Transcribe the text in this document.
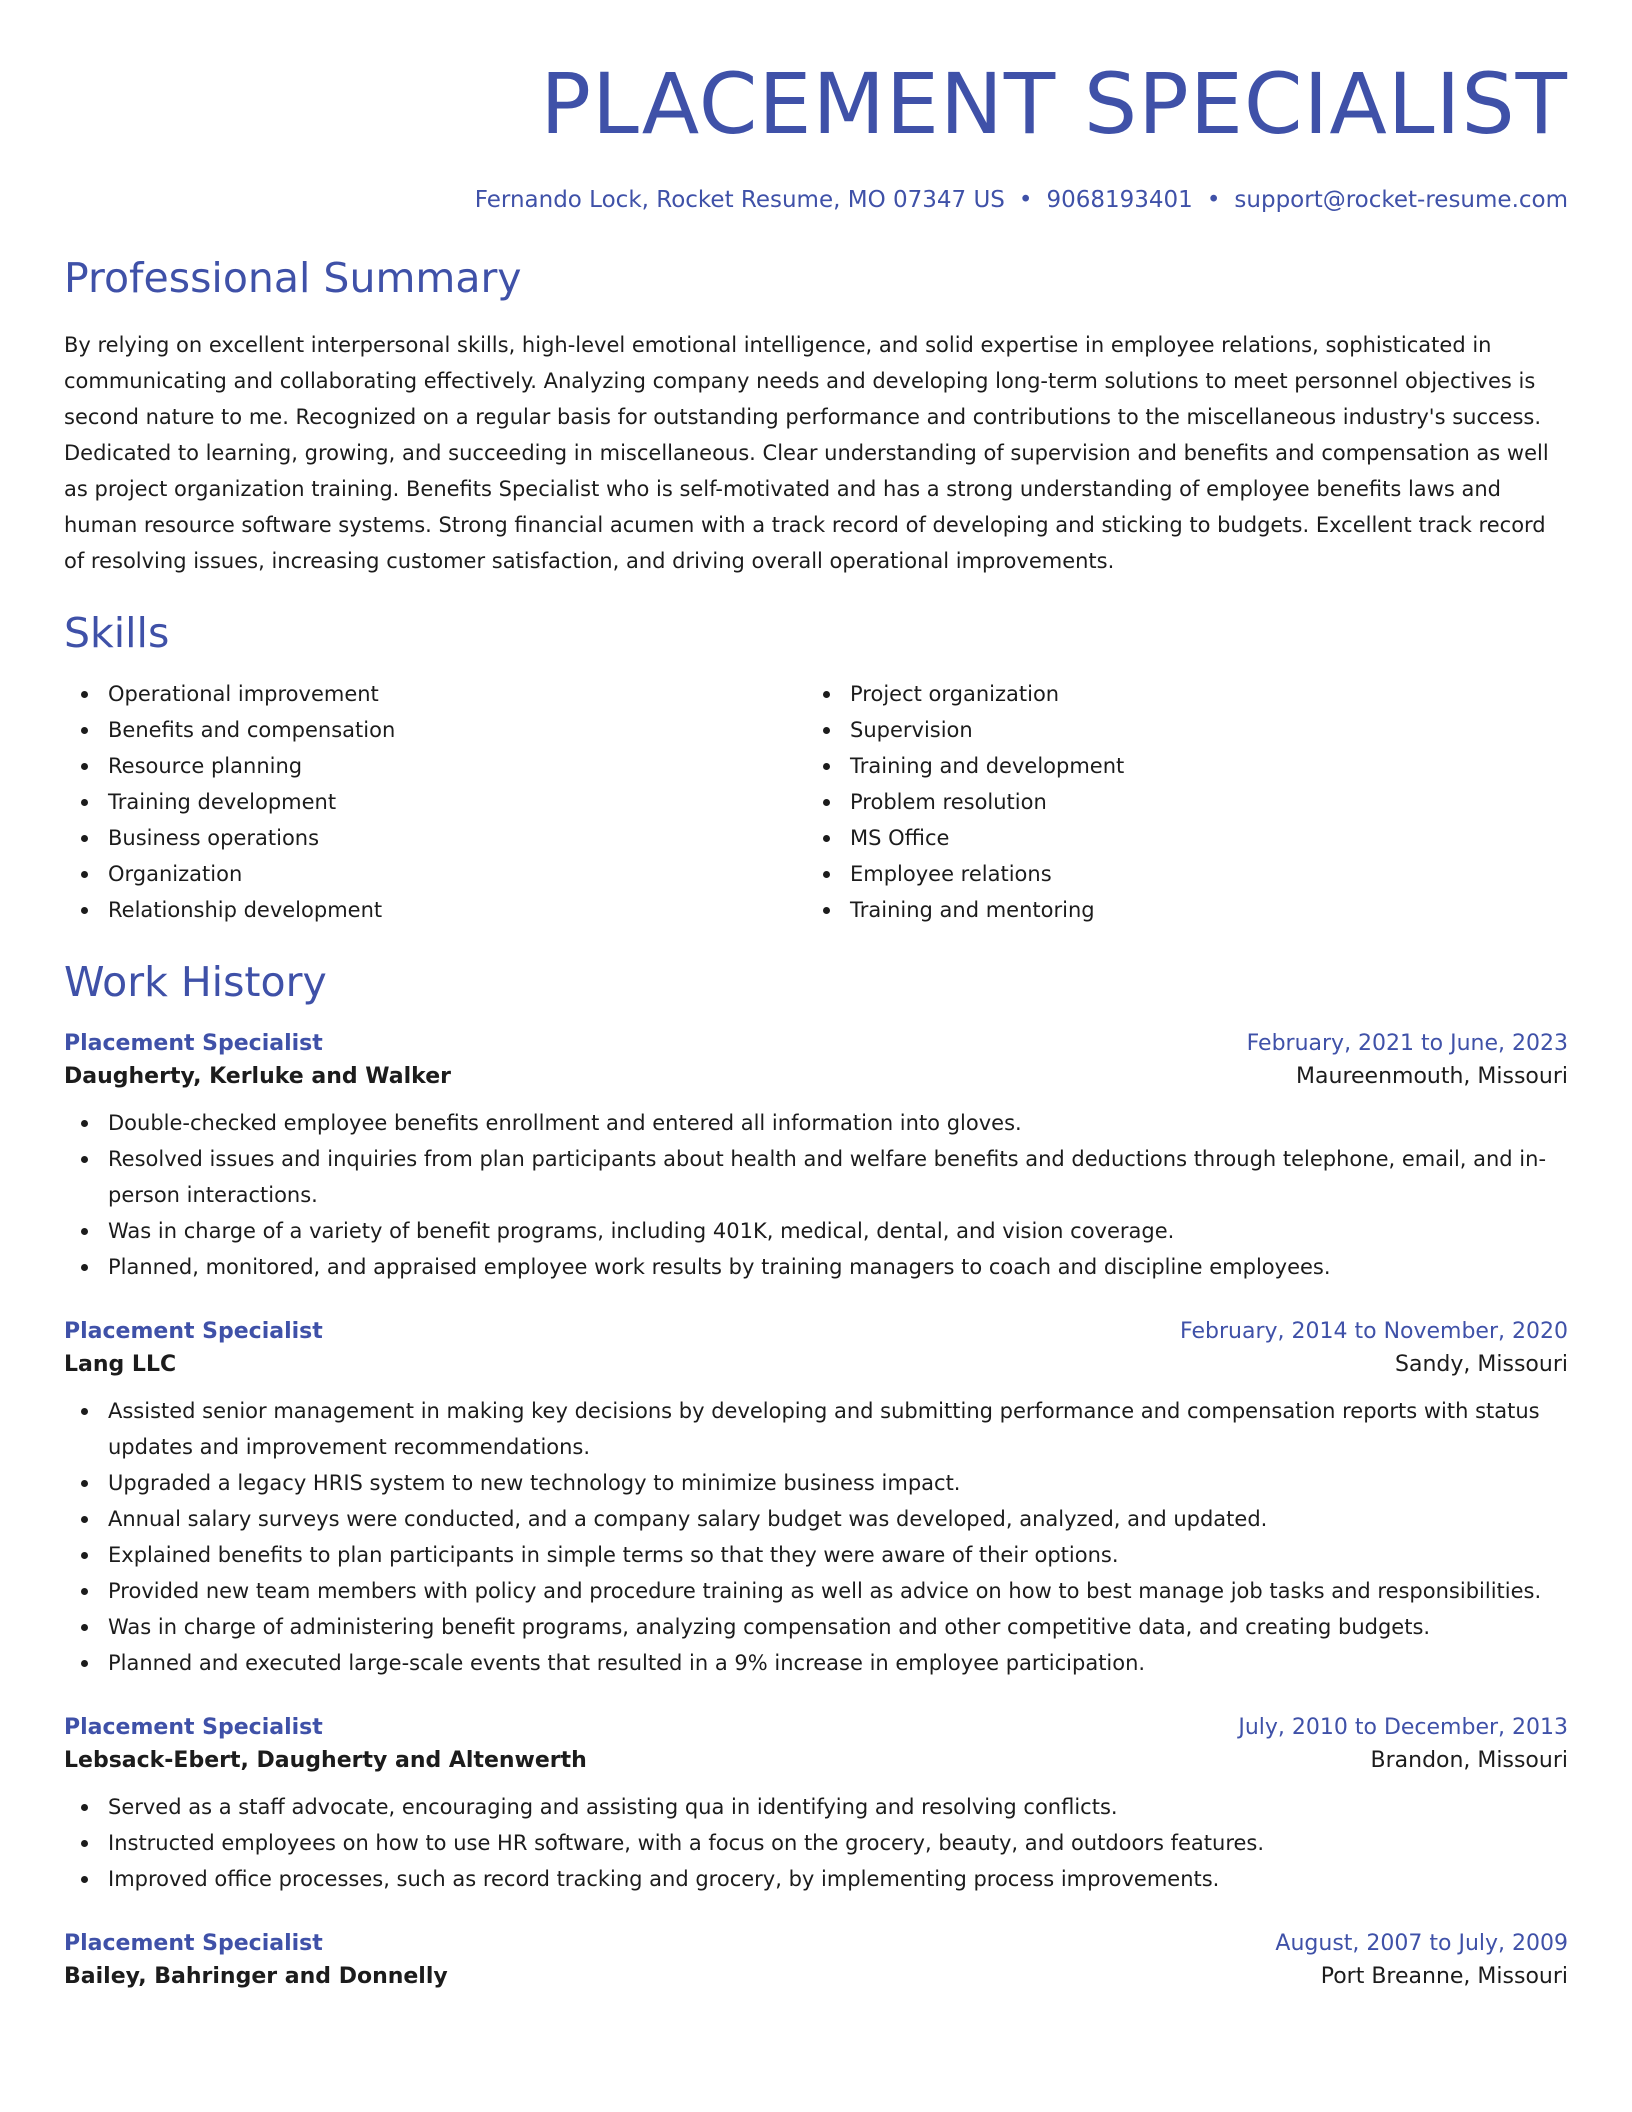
PLACEMENT SPECIALIST
Fernando Lock, Rocket Resume, MO 07347 US • 9068193401 • support@rocket-resume.com
Professional Summary
By relying on excellent interpersonal skills, high-level emotional intelligence, and solid expertise in employee relations, sophisticated in communicating and collaborating effectively. Analyzing company needs and developing long-term solutions to meet personnel objectives is second nature to me. Recognized on a regular basis for outstanding performance and contributions to the miscellaneous industry's success. Dedicated to learning, growing, and succeeding in miscellaneous. Clear understanding of supervision and benefits and compensation as well as project organization training. Benefits Specialist who is self-motivated and has a strong understanding of employee benefits laws and human resource software systems. Strong financial acumen with a track record of developing and sticking to budgets. Excellent track record of resolving issues, increasing customer satisfaction, and driving overall operational improvements.
Skills
Operational improvement
Benefits and compensation
Resource planning
Training development
Business operations
Organization
Relationship development
Project organization
Supervision
Training and development
Problem resolution
MS Office
Employee relations
Training and mentoring
Work History
Placement Specialist	February, 2021 to June, 2023
Daugherty, Kerluke and Walker	Maureenmouth, Missouri
Double-checked employee benefits enrollment and entered all information into gloves.
Resolved issues and inquiries from plan participants about health and welfare benefits and deductions through telephone, email, and in-person interactions.
Was in charge of a variety of benefit programs, including 401K, medical, dental, and vision coverage.
Planned, monitored, and appraised employee work results by training managers to coach and discipline employees.
Placement Specialist	February, 2014 to November, 2020
Lang LLC	Sandy, Missouri
Assisted senior management in making key decisions by developing and submitting performance and compensation reports with status updates and improvement recommendations.
Upgraded a legacy HRIS system to new technology to minimize business impact.
Annual salary surveys were conducted, and a company salary budget was developed, analyzed, and updated.
Explained benefits to plan participants in simple terms so that they were aware of their options.
Provided new team members with policy and procedure training as well as advice on how to best manage job tasks and responsibilities.
Was in charge of administering benefit programs, analyzing compensation and other competitive data, and creating budgets.
Planned and executed large-scale events that resulted in a 9% increase in employee participation.
Placement Specialist	July, 2010 to December, 2013
Lebsack-Ebert, Daugherty and Altenwerth	Brandon, Missouri
Served as a staff advocate, encouraging and assisting qua in identifying and resolving conflicts.
Instructed employees on how to use HR software, with a focus on the grocery, beauty, and outdoors features.
Improved office processes, such as record tracking and grocery, by implementing process improvements.
Placement Specialist	August, 2007 to July, 2009
Bailey, Bahringer and Donnelly	Port Breanne, Missouri
